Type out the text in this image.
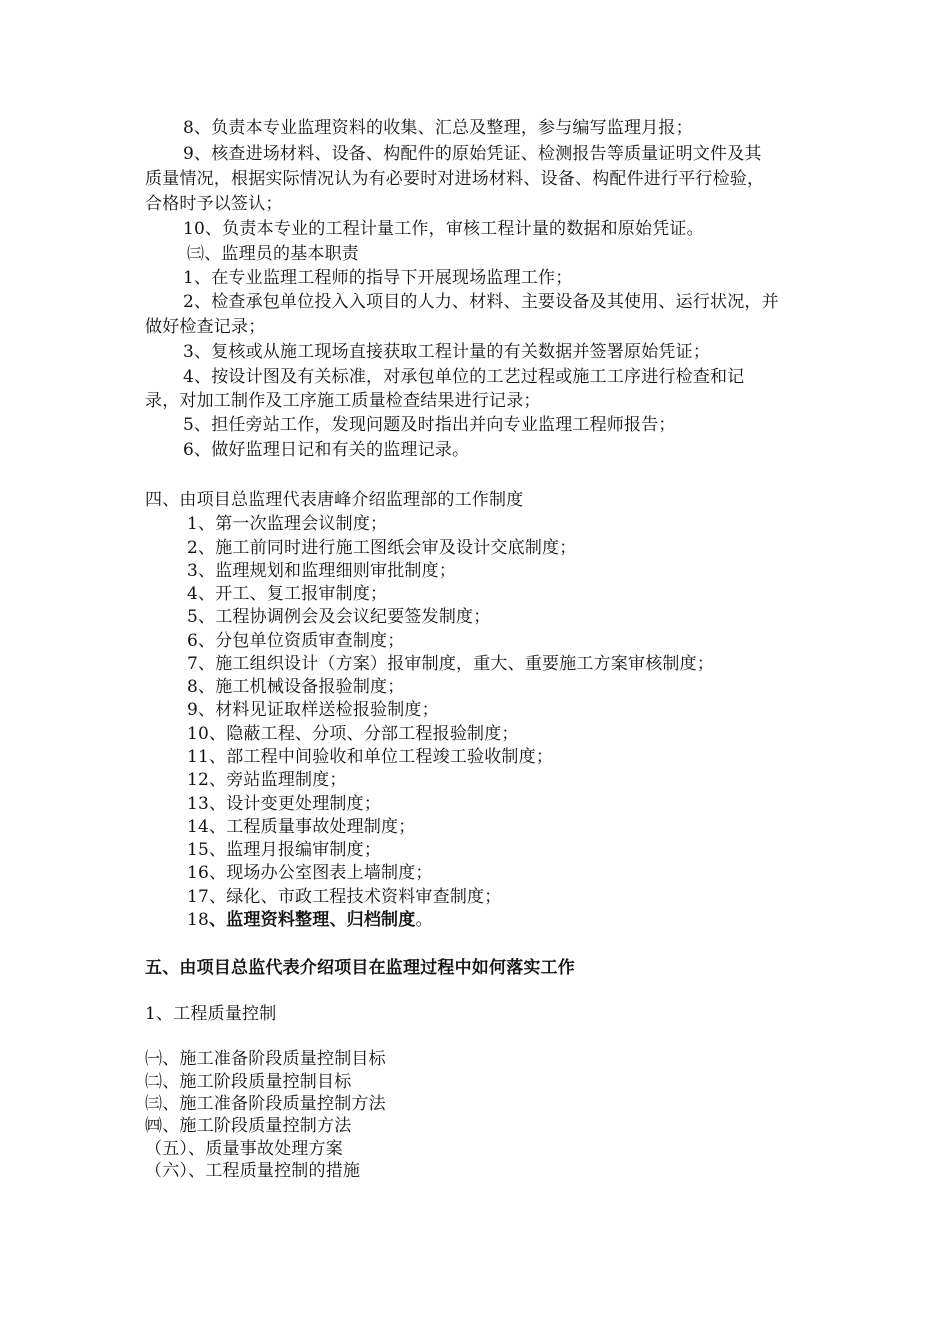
8、负责本专业监理资料的收集、汇总及整理，参与编写监理月报；
9、核查进场材料、设备、构配件的原始凭证、检测报告等质量证明文件及其
质量情况，根据实际情况认为有必要时对进场材料、设备、构配件进行平行检验，
合格时予以签认；
10、负责本专业的工程计量工作，审核工程计量的数据和原始凭证。
㈢、监理员的基本职责
1、在专业监理工程师的指导下开展现场监理工作；
2、检查承包单位投入入项目的人力、材料、主要设备及其使用、运行状况，并
做好检查记录；
3、复核或从施工现场直接获取工程计量的有关数据并签署原始凭证；
4、按设计图及有关标准，对承包单位的工艺过程或施工工序进行检查和记
录，对加工制作及工序施工质量检查结果进行记录；
5、担任旁站工作，发现问题及时指出并向专业监理工程师报告；
6、做好监理日记和有关的监理记录。
四、由项目总监理代表唐峰介绍监理部的工作制度
1、第一次监理会议制度；
2、施工前同时进行施工图纸会审及设计交底制度；
3、监理规划和监理细则审批制度；
4、开工、复工报审制度；
5、工程协调例会及会议纪要签发制度；
6、分包单位资质审查制度；
7、施工组织设计（方案）报审制度，重大、重要施工方案审核制度；
8、施工机械设备报验制度；
9、材料见证取样送检报验制度；
10、隐蔽工程、分项、分部工程报验制度；
11、部工程中间验收和单位工程竣工验收制度；
12、旁站监理制度；
13、设计变更处理制度；
14、工程质量事故处理制度；
15、监理月报编审制度；
16、现场办公室图表上墙制度；
17、绿化、市政工程技术资料审查制度；
18、监理资料整理、归档制度。
五、由项目总监代表介绍项目在监理过程中如何落实工作
1、工程质量控制
㈠、施工准备阶段质量控制目标
㈡、施工阶段质量控制目标
㈢、施工准备阶段质量控制方法
㈣、施工阶段质量控制方法
（五）、质量事故处理方案
（六）、工程质量控制的措施
